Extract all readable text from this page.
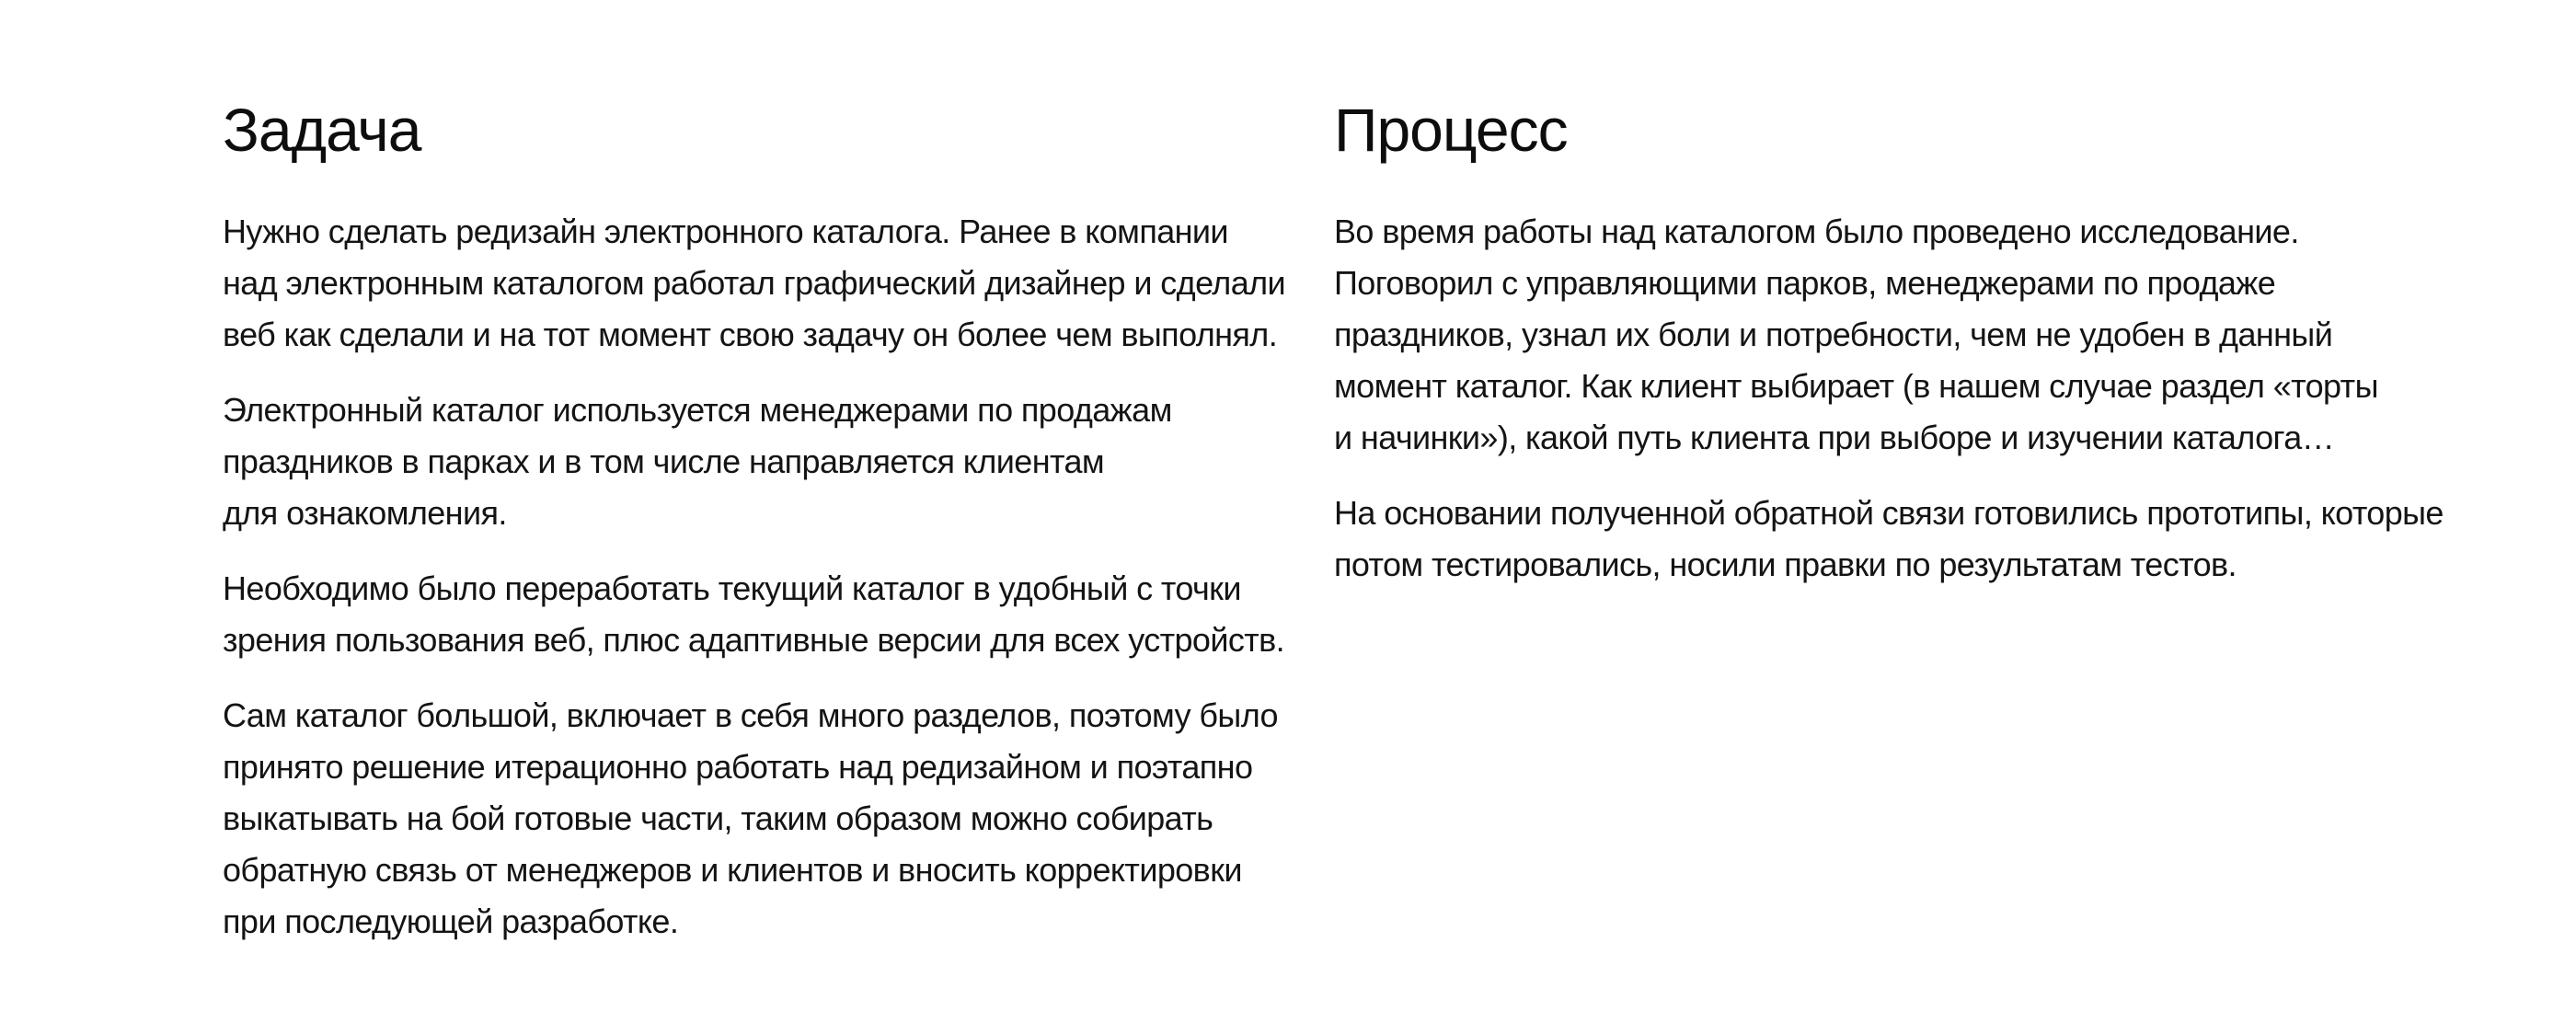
Задача

Нужно сделать редизайн электронного каталога. Ранее в компании
над электронным каталогом работал графический дизайнер и сделали
веб как сделали и на тот момент свою задачу он более чем выполнял.

Электронный каталог используется менеджерами по продажам
праздников в парках и в том числе направляется клиентам
для ознакомления.

Необходимо было переработать текущий каталог в удобный с точки
зрения пользования веб, плюс адаптивные версии для всех устройств.

Сам каталог большой, включает в себя много разделов, поэтому было
принято решение итерационно работать над редизайном и поэтапно
выкатывать на бой готовые части, таким образом можно собирать
обратную связь от менеджеров и клиентов и вносить корректировки
при последующей разработке.

Процесс

Во время работы над каталогом было проведено исследование.
Поговорил с управляющими парков, менеджерами по продаже
праздников, узнал их боли и потребности, чем не удобен в данный
момент каталог. Как клиент выбирает (в нашем случае раздел «торты
и начинки»), какой путь клиента при выборе и изучении каталога…

На основании полученной обратной связи готовились прототипы, которые
потом тестировались, носили правки по результатам тестов.
